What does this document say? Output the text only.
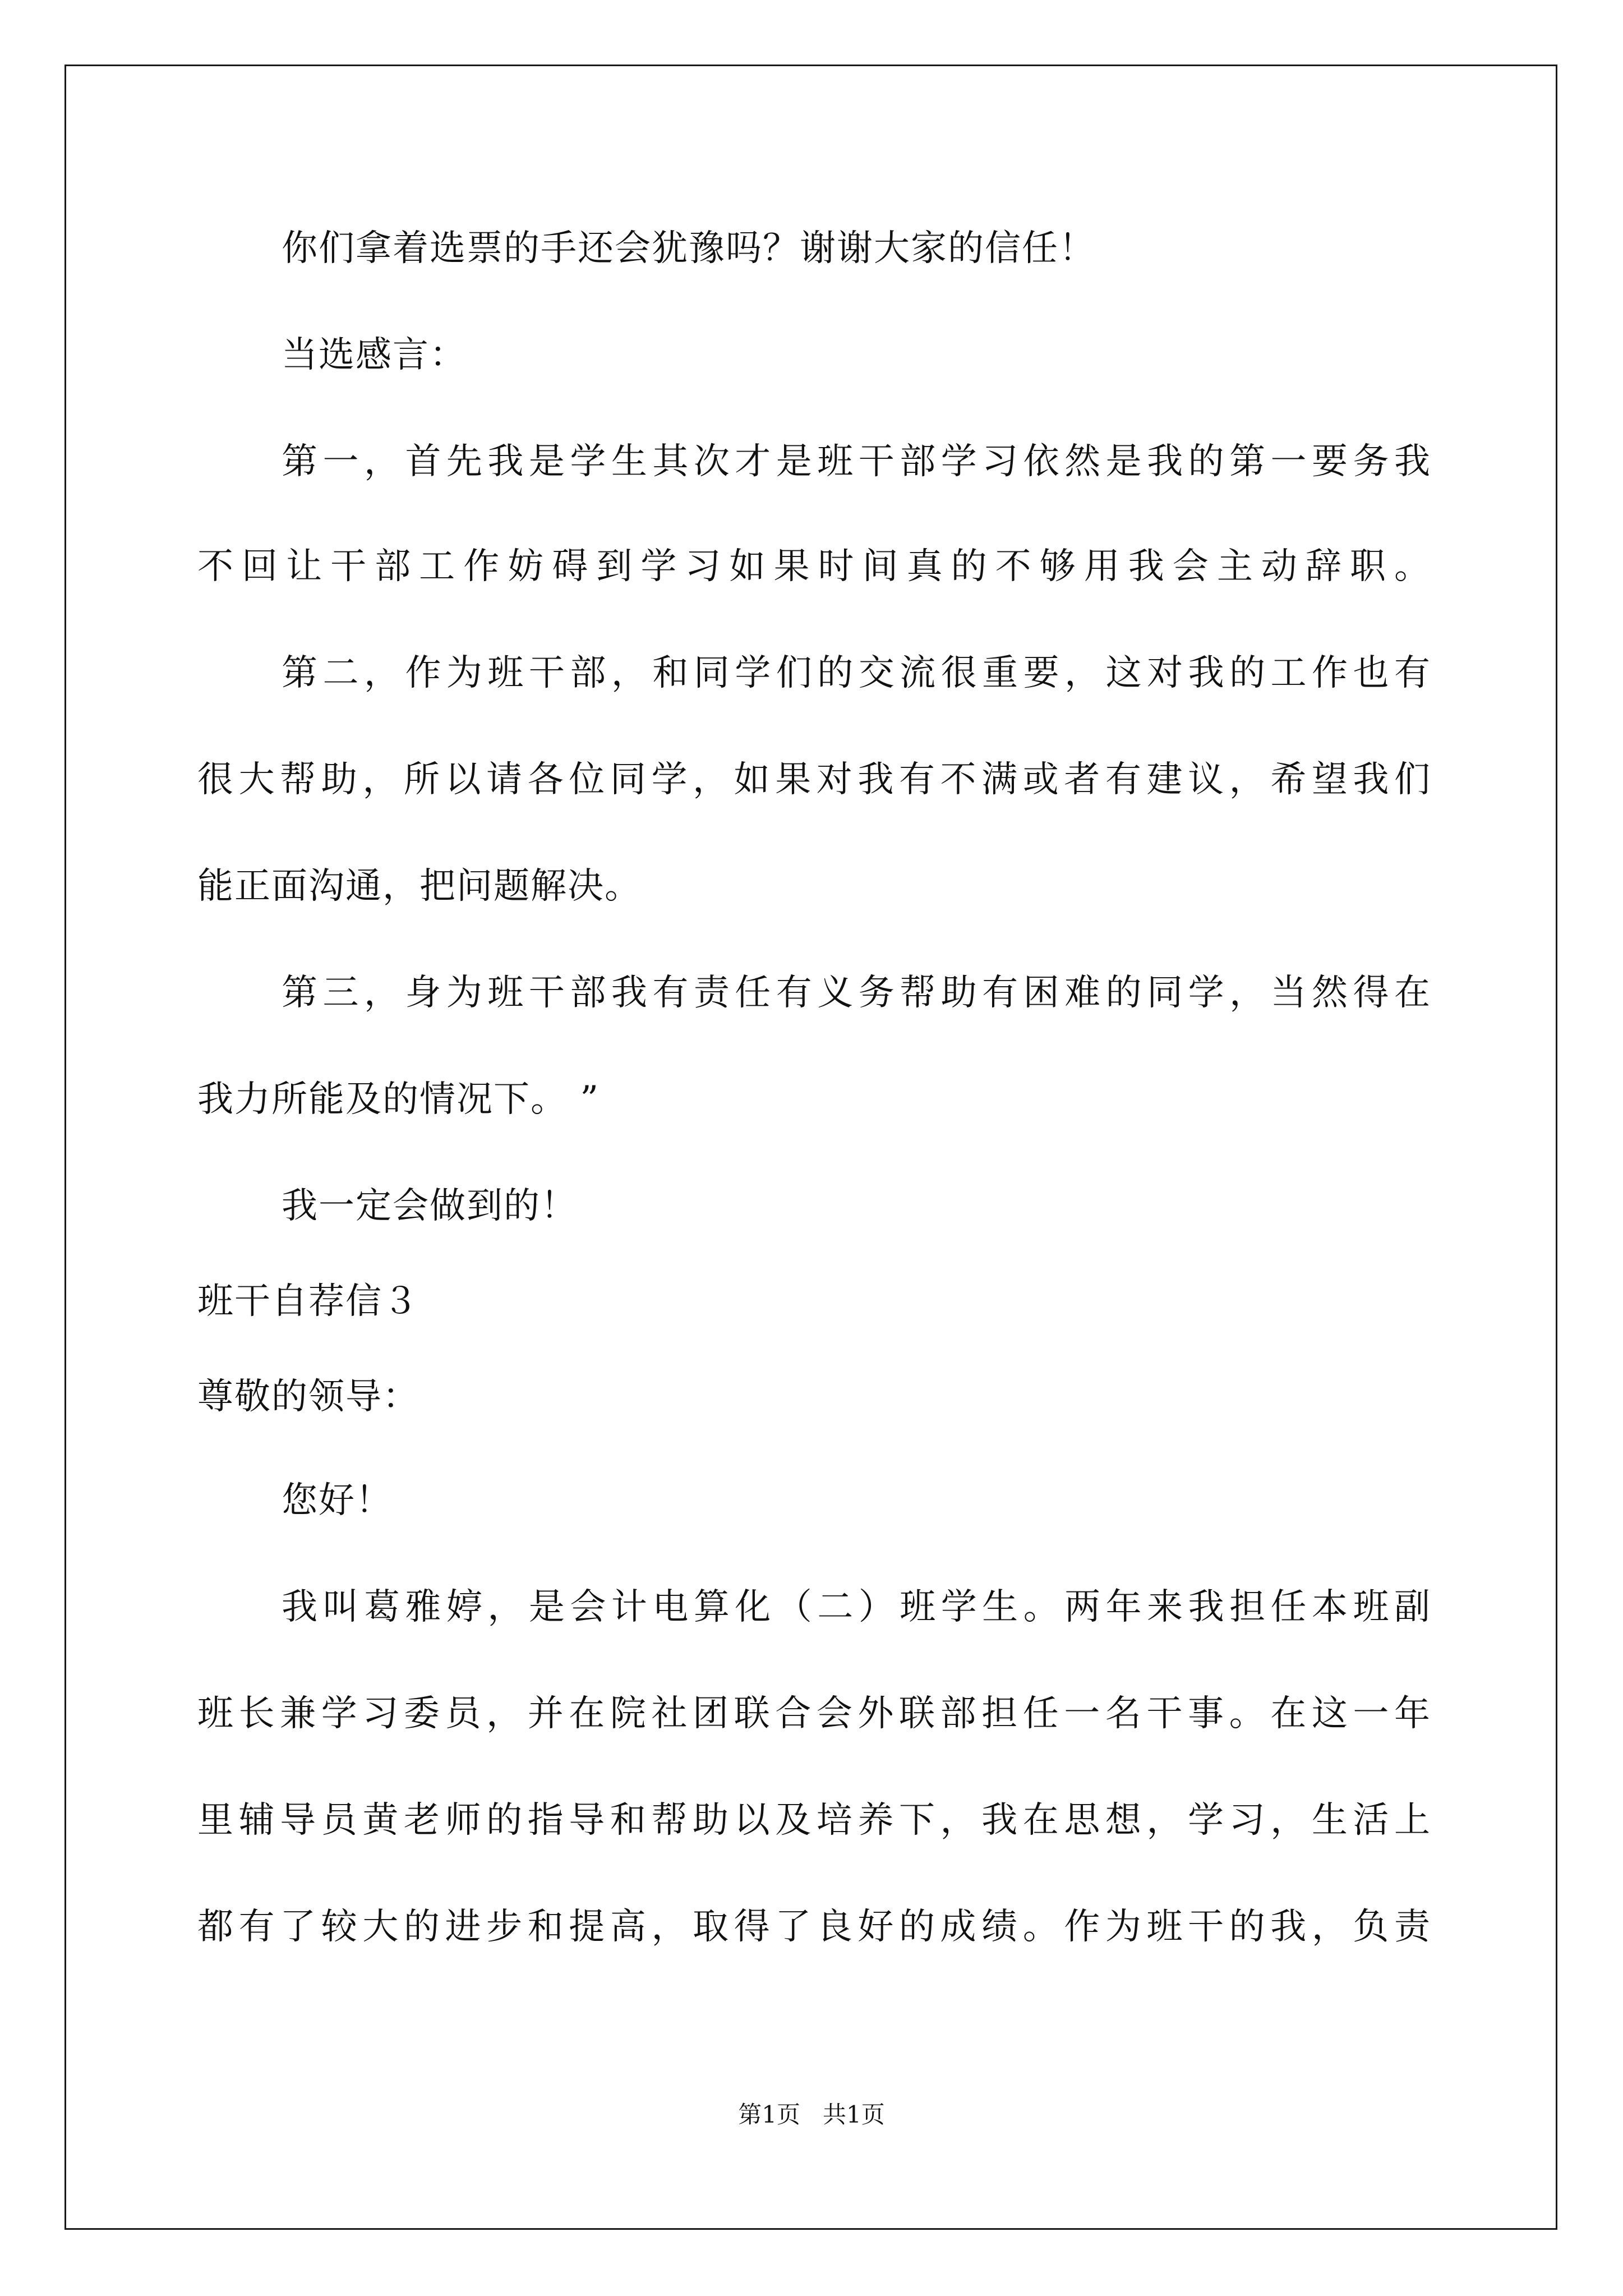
你们拿着选票的手还会犹豫吗？谢谢大家的信任！
当选感言：
第一，首先我是学生其次才是班干部学习依然是我的第一要务我
不回让干部工作妨碍到学习如果时间真的不够用我会主动辞职。
第二，作为班干部，和同学们的交流很重要，这对我的工作也有
很大帮助，所以请各位同学，如果对我有不满或者有建议，希望我们
能正面沟通，把问题解决。
第三，身为班干部我有责任有义务帮助有困难的同学，当然得在
我力所能及的情况下。 ”
我一定会做到的！
班干自荐信３
尊敬的领导：
您好！
我叫葛雅婷，是会计电算化（二）班学生。两年来我担任本班副
班长兼学习委员，并在院社团联合会外联部担任一名干事。在这一年
里辅导员黄老师的指导和帮助以及培养下，我在思想，学习，生活上
都有了较大的进步和提高，取得了良好的成绩。作为班干的我，负责
第1页   共1页
